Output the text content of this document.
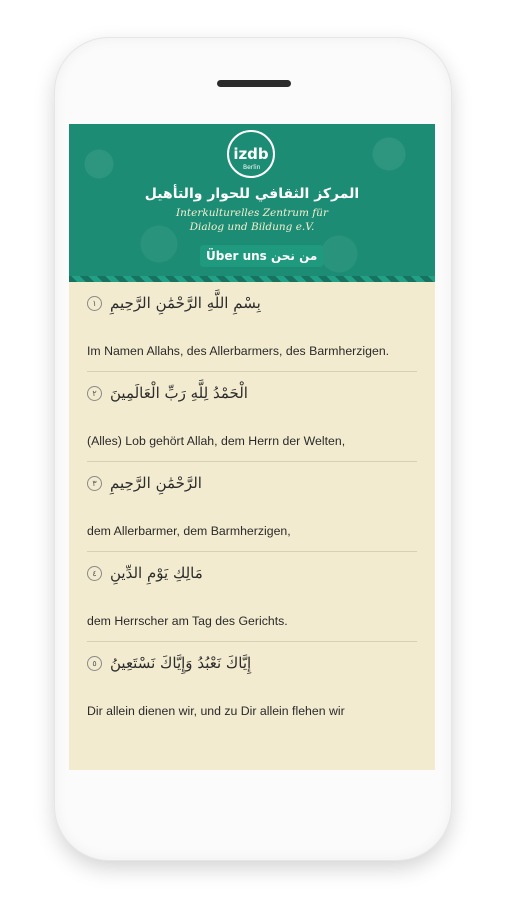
izdb
Berlin
المركز الثقافي للحوار والتأهيل
Interkulturelles Zentrum für
Dialog und Bildung e.V.
Über uns من نحن
بِسْمِ اللَّهِ الرَّحْمَٰنِ الرَّحِيمِ
١
Im Namen Allahs, des Allerbarmers, des Barmherzigen.
الْحَمْدُ لِلَّهِ رَبِّ الْعَالَمِينَ
٢
(Alles) Lob gehört Allah, dem Herrn der Welten,
الرَّحْمَٰنِ الرَّحِيمِ
٣
dem Allerbarmer, dem Barmherzigen,
مَالِكِ يَوْمِ الدِّينِ
٤
dem Herrscher am Tag des Gerichts.
إِيَّاكَ نَعْبُدُ وَإِيَّاكَ نَسْتَعِينُ
٥
Dir allein dienen wir, und zu Dir allein flehen wir
